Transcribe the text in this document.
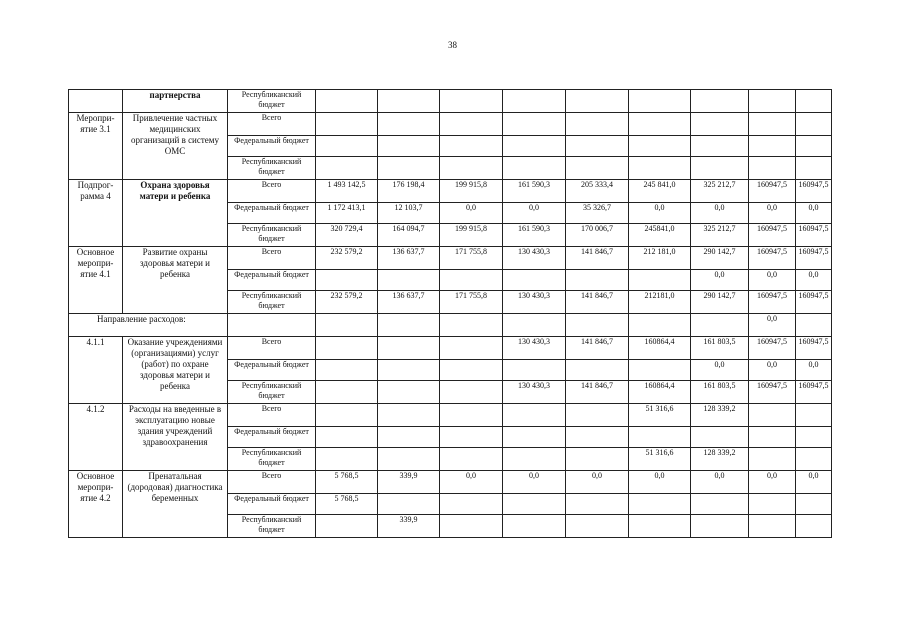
38
	партнерства	Республиканский бюджет									
Меропри-ятие 3.1	Привлечение частных медицинских организаций в систему ОМС	Всего									
		Федеральный бюджет									
		Республиканский бюджет									
Подпрог-рамма 4	Охрана здоровья матери и ребенка	Всего	1 493 142,5	176 198,4	199 915,8	161 590,3	205 333,4	245 841,0	325 212,7	160947,5	160947,5
		Федеральный бюджет	1 172 413,1	12 103,7	0,0	0,0	35 326,7	0,0	0,0	0,0	0,0
		Республиканский бюджет	320 729,4	164 094,7	199 915,8	161 590,3	170 006,7	245841,0	325 212,7	160947,5	160947,5
Основное меропри-ятие 4.1	Развитие охраны здоровья матери и ребенка	Всего	232 579,2	136 637,7	171 755,8	130 430,3	141 846,7	212 181,0	290 142,7	160947,5	160947,5
		Федеральный бюджет							0,0	0,0	0,0
		Республиканский бюджет	232 579,2	136 637,7	171 755,8	130 430,3	141 846,7	212181,0	290 142,7	160947,5	160947,5
Направление расходов:										0,0	
4.1.1	Оказание учреждениями (организациями) услуг (работ) по охране здоровья матери и ребенка	Всего				130 430,3	141 846,7	160864,4	161 803,5	160947,5	160947,5
		Федеральный бюджет							0,0	0,0	0,0
		Республиканский бюджет				130 430,3	141 846,7	160864,4	161 803,5	160947,5	160947,5
4.1.2	Расходы на введенные в эксплуатацию новые здания учреждений здравоохранения	Всего						51 316,6	128 339,2		
		Федеральный бюджет									
		Республиканский бюджет						51 316,6	128 339,2		
Основное меропри-ятие 4.2	Пренатальная (дородовая) диагностика беременных	Всего	5 768,5	339,9	0,0	0,0	0,0	0,0	0,0	0,0	0,0
		Федеральный бюджет	5 768,5								
		Республиканский бюджет		339,9							
